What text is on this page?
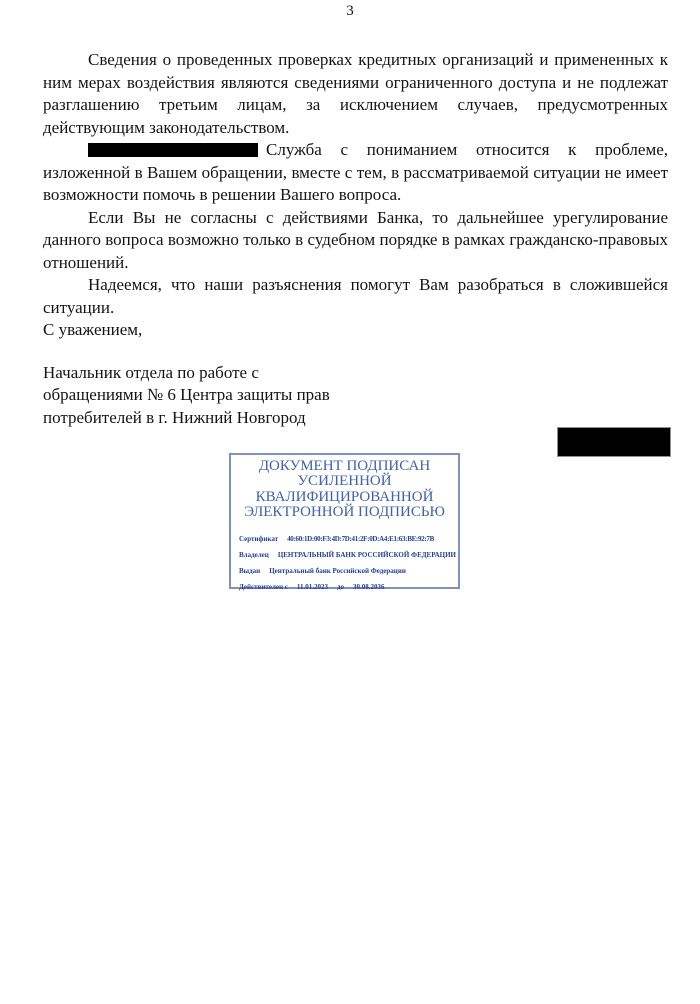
3

Сведения о проведенных проверках кредитных организаций и примененных к ним мерах воздействия являются сведениями ограниченного доступа и не подлежат разглашению третьим лицам, за исключением случаев, предусмотренных действующим законодательством.

Служба с пониманием относится к проблеме, изложенной в Вашем обращении, вместе с тем, в рассматриваемой ситуации не имеет возможности помочь в решении Вашего вопроса.

Если Вы не согласны с действиями Банка, то дальнейшее урегулирование данного вопроса возможно только в судебном порядке в рамках гражданско-правовых отношений.

Надеемся, что наши разъяснения помогут Вам разобраться в сложившейся ситуации.

С уважением,

Начальник отдела по работе с
обращениями № 6 Центра защиты прав
потребителей в г. Нижний Новгород
ДОКУМЕНТ ПОДПИСАН
УСИЛЕННОЙ
КВАЛИФИЦИРОВАННОЙ
ЭЛЕКТРОННОЙ ПОДПИСЬЮ
Сертификат 40:60:1D:00:F3:4D:7D:41:2F:0D:A4:E1:63:BE:92:7B
Владелец ЦЕНТРАЛЬНЫЙ БАНК РОССИЙСКОЙ ФЕДЕРАЦИИ
Выдан Центральный банк Российской Федерации
Действителен с 11.01.2023 до 30.08.2036
